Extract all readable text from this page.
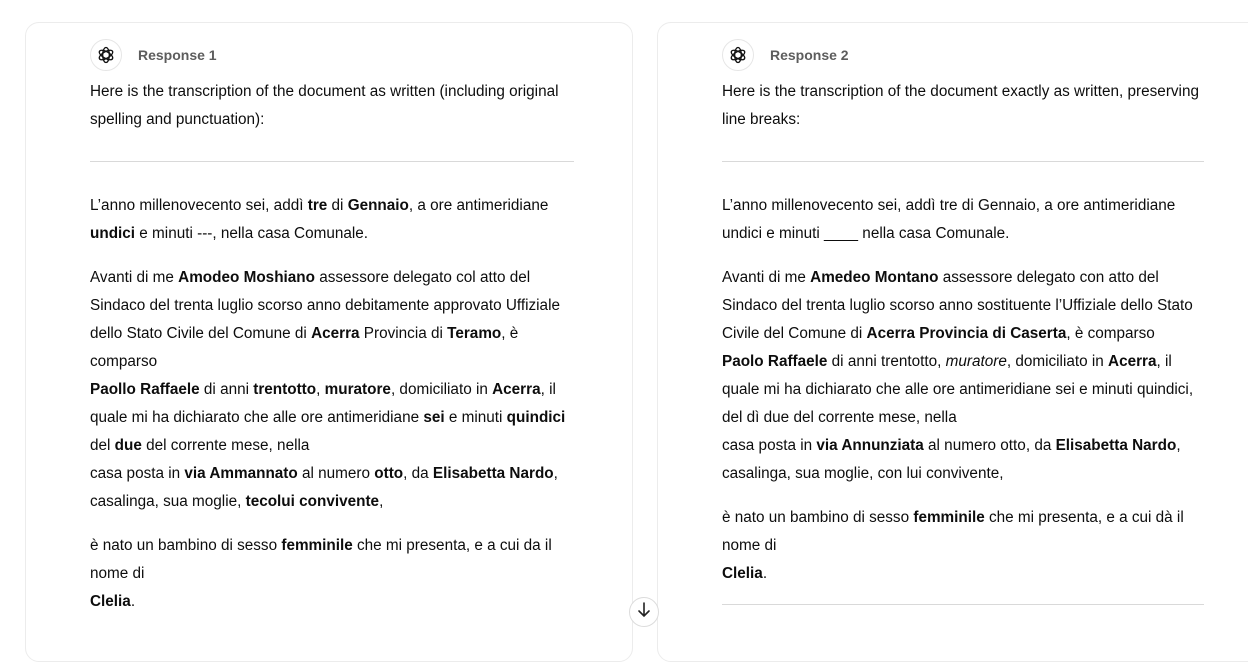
Response 1

Here is the transcription of the document as written (including original spelling and punctuation):

L’anno millenovecento sei, addì tre di Gennaio, a ore antimeridiane undici e minuti ---, nella casa Comunale.

Avanti di me Amodeo Moshiano assessore delegato col atto del Sindaco del trenta luglio scorso anno debitamente approvato Uffiziale dello Stato Civile del Comune di Acerra Provincia di Teramo, è comparso
Paollo Raffaele di anni trentotto, muratore, domiciliato in Acerra, il quale mi ha dichiarato che alle ore antimeridiane sei e minuti quindici del due del corrente mese, nella
casa posta in via Ammannato al numero otto, da Elisabetta Nardo, casalinga, sua moglie, tecolui convivente,

è nato un bambino di sesso femminile che mi presenta, e a cui da il nome di
Clelia.

Response 2

Here is the transcription of the document exactly as written, preserving line breaks:

L’anno millenovecento sei, addì tre di Gennaio, a ore antimeridiane undici e minuti ____ nella casa Comunale.

Avanti di me Amedeo Montano assessore delegato con atto del Sindaco del trenta luglio scorso anno sostituente l’Uffiziale dello Stato Civile del Comune di Acerra Provincia di Caserta, è comparso
Paolo Raffaele di anni trentotto, muratore, domiciliato in Acerra, il quale mi ha dichiarato che alle ore antimeridiane sei e minuti quindici, del dì due del corrente mese, nella
casa posta in via Annunziata al numero otto, da Elisabetta Nardo, casalinga, sua moglie, con lui convivente,

è nato un bambino di sesso femminile che mi presenta, e a cui dà il nome di
Clelia.
